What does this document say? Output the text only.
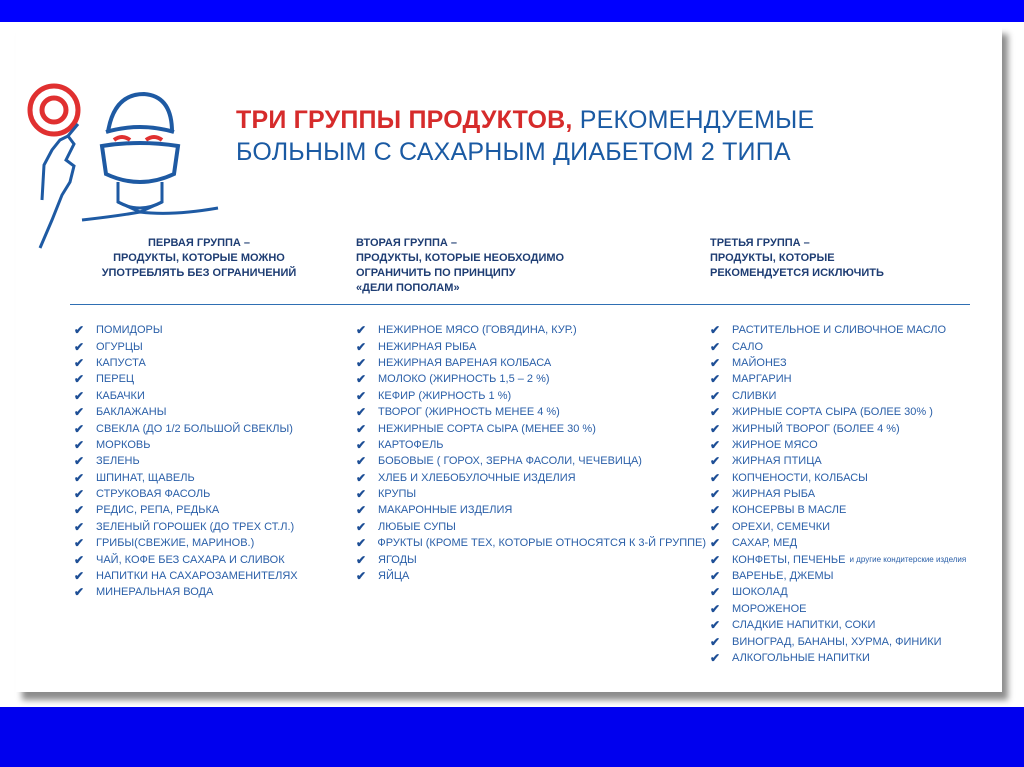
ТРИ ГРУППЫ ПРОДУКТОВ, РЕКОМЕНДУЕМЫЕ
БОЛЬНЫМ С САХАРНЫМ ДИАБЕТОМ 2 ТИПА
ПЕРВАЯ ГРУППА –
ПРОДУКТЫ, КОТОРЫЕ МОЖНО
УПОТРЕБЛЯТЬ БЕЗ ОГРАНИЧЕНИЙ
ВТОРАЯ ГРУППА –
ПРОДУКТЫ, КОТОРЫЕ НЕОБХОДИМО
ОГРАНИЧИТЬ ПО ПРИНЦИПУ
«ДЕЛИ ПОПОЛАМ»
ТРЕТЬЯ ГРУППА –
ПРОДУКТЫ, КОТОРЫЕ
РЕКОМЕНДУЕТСЯ ИСКЛЮЧИТЬ
✔	ПОМИДОРЫ
✔	ОГУРЦЫ
✔	КАПУСТА
✔	ПЕРЕЦ
✔	КАБАЧКИ
✔	БАКЛАЖАНЫ
✔	СВЕКЛА (ДО 1/2 БОЛЬШОЙ СВЕКЛЫ)
✔	МОРКОВЬ
✔	ЗЕЛЕНЬ
✔	ШПИНАТ, ЩАВЕЛЬ
✔	СТРУКОВАЯ ФАСОЛЬ
✔	РЕДИС, РЕПА, РЕДЬКА
✔	ЗЕЛЕНЫЙ ГОРОШЕК (ДО ТРЕХ СТ.Л.)
✔	ГРИБЫ(СВЕЖИЕ, МАРИНОВ.)
✔	ЧАЙ, КОФЕ БЕЗ САХАРА И СЛИВОК
✔	НАПИТКИ НА САХАРОЗАМЕНИТЕЛЯХ
✔	МИНЕРАЛЬНАЯ ВОДА
✔	НЕЖИРНОЕ МЯСО (ГОВЯДИНА, КУР.)
✔	НЕЖИРНАЯ РЫБА
✔	НЕЖИРНАЯ ВАРЕНАЯ КОЛБАСА
✔	МОЛОКО (ЖИРНОСТЬ 1,5 – 2 %)
✔	КЕФИР (ЖИРНОСТЬ 1 %)
✔	ТВОРОГ (ЖИРНОСТЬ МЕНЕЕ 4 %)
✔	НЕЖИРНЫЕ СОРТА СЫРА (МЕНЕЕ 30 %)
✔	КАРТОФЕЛЬ
✔	БОБОВЫЕ ( ГОРОХ, ЗЕРНА ФАСОЛИ, ЧЕЧЕВИЦА)
✔	ХЛЕБ И ХЛЕБОБУЛОЧНЫЕ ИЗДЕЛИЯ
✔	КРУПЫ
✔	МАКАРОННЫЕ ИЗДЕЛИЯ
✔	ЛЮБЫЕ СУПЫ
✔	ФРУКТЫ (КРОМЕ ТЕХ, КОТОРЫЕ ОТНОСЯТСЯ К 3-Й ГРУППЕ)
✔	ЯГОДЫ
✔	ЯЙЦА
✔	РАСТИТЕЛЬНОЕ И СЛИВОЧНОЕ МАСЛО
✔	САЛО
✔	МАЙОНЕЗ
✔	МАРГАРИН
✔	СЛИВКИ
✔	ЖИРНЫЕ СОРТА СЫРА (БОЛЕЕ 30% )
✔	ЖИРНЫЙ ТВОРОГ (БОЛЕЕ 4 %)
✔	ЖИРНОЕ МЯСО
✔	ЖИРНАЯ ПТИЦА
✔	КОПЧЕНОСТИ, КОЛБАСЫ
✔	ЖИРНАЯ РЫБА
✔	КОНСЕРВЫ В МАСЛЕ
✔	ОРЕХИ, СЕМЕЧКИ
✔	САХАР, МЕД
✔	КОНФЕТЫ, ПЕЧЕНЬЕ и другие кондитерские изделия
✔	ВАРЕНЬЕ, ДЖЕМЫ
✔	ШОКОЛАД
✔	МОРОЖЕНОЕ
✔	СЛАДКИЕ НАПИТКИ, СОКИ
✔	ВИНОГРАД, БАНАНЫ, ХУРМА, ФИНИКИ
✔	АЛКОГОЛЬНЫЕ НАПИТКИ
